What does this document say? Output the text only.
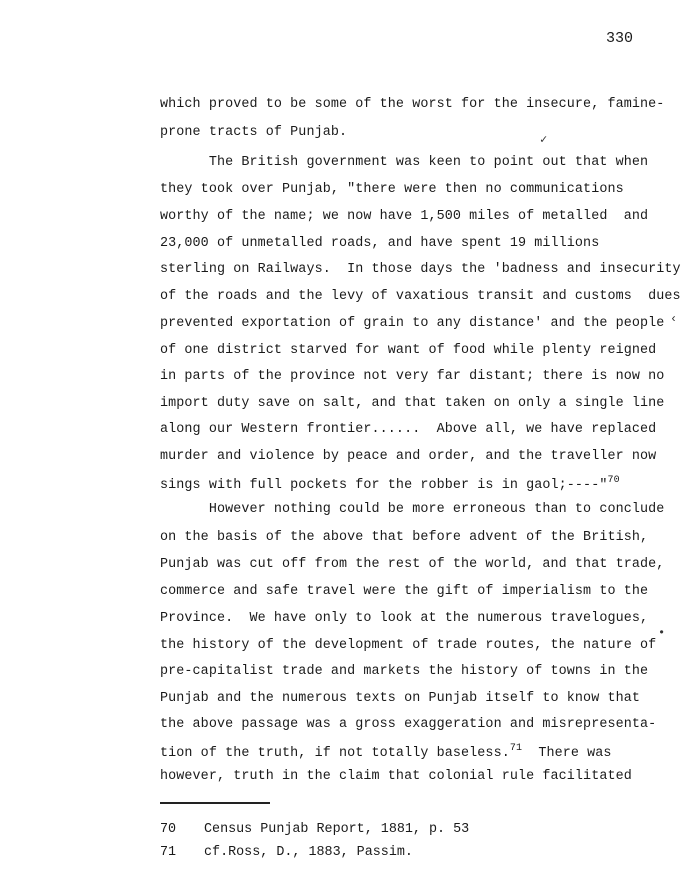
330
which proved to be some of the worst for the insecure, famine-
prone tracts of Punjab.	✓
The British government was keen to point out that when
they took over Punjab, "there were then no communications
worthy of the name; we now have 1,500 miles of metalled  and
23,000 of unmetalled roads, and have spent 19 millions
sterling on Railways.  In those days the 'badness and insecurity
of the roads and the levy of vaxatious transit and customs  dues
prevented exportation of grain to any distance' and the people ‹
of one district starved for want of food while plenty reigned
in parts of the province not very far distant; there is now no
import duty save on salt, and that taken on only a single line
along our Western frontier......  Above all, we have replaced
murder and violence by peace and order, and the traveller now
sings with full pockets for the robber is in gaol;----"$^{70}$
However nothing could be more erroneous than to conclude
on the basis of the above that before advent of the British,
Punjab was cut off from the rest of the world, and that trade,
commerce and safe travel were the gift of imperialism to the
Province.  We have only to look at the numerous travelogues,
the history of the development of trade routes, the nature of
•
pre-capitalist trade and markets the history of towns in the
Punjab and the numerous texts on Punjab itself to know that
the above passage was a gross exaggeration and misrepresenta-
tion of the truth, if not totally baseless.$^{71}$  There was
however, truth in the claim that colonial rule facilitated
70 Census Punjab Report, 1881, p. 53
71 cf.Ross, D., 1883, Passim.
